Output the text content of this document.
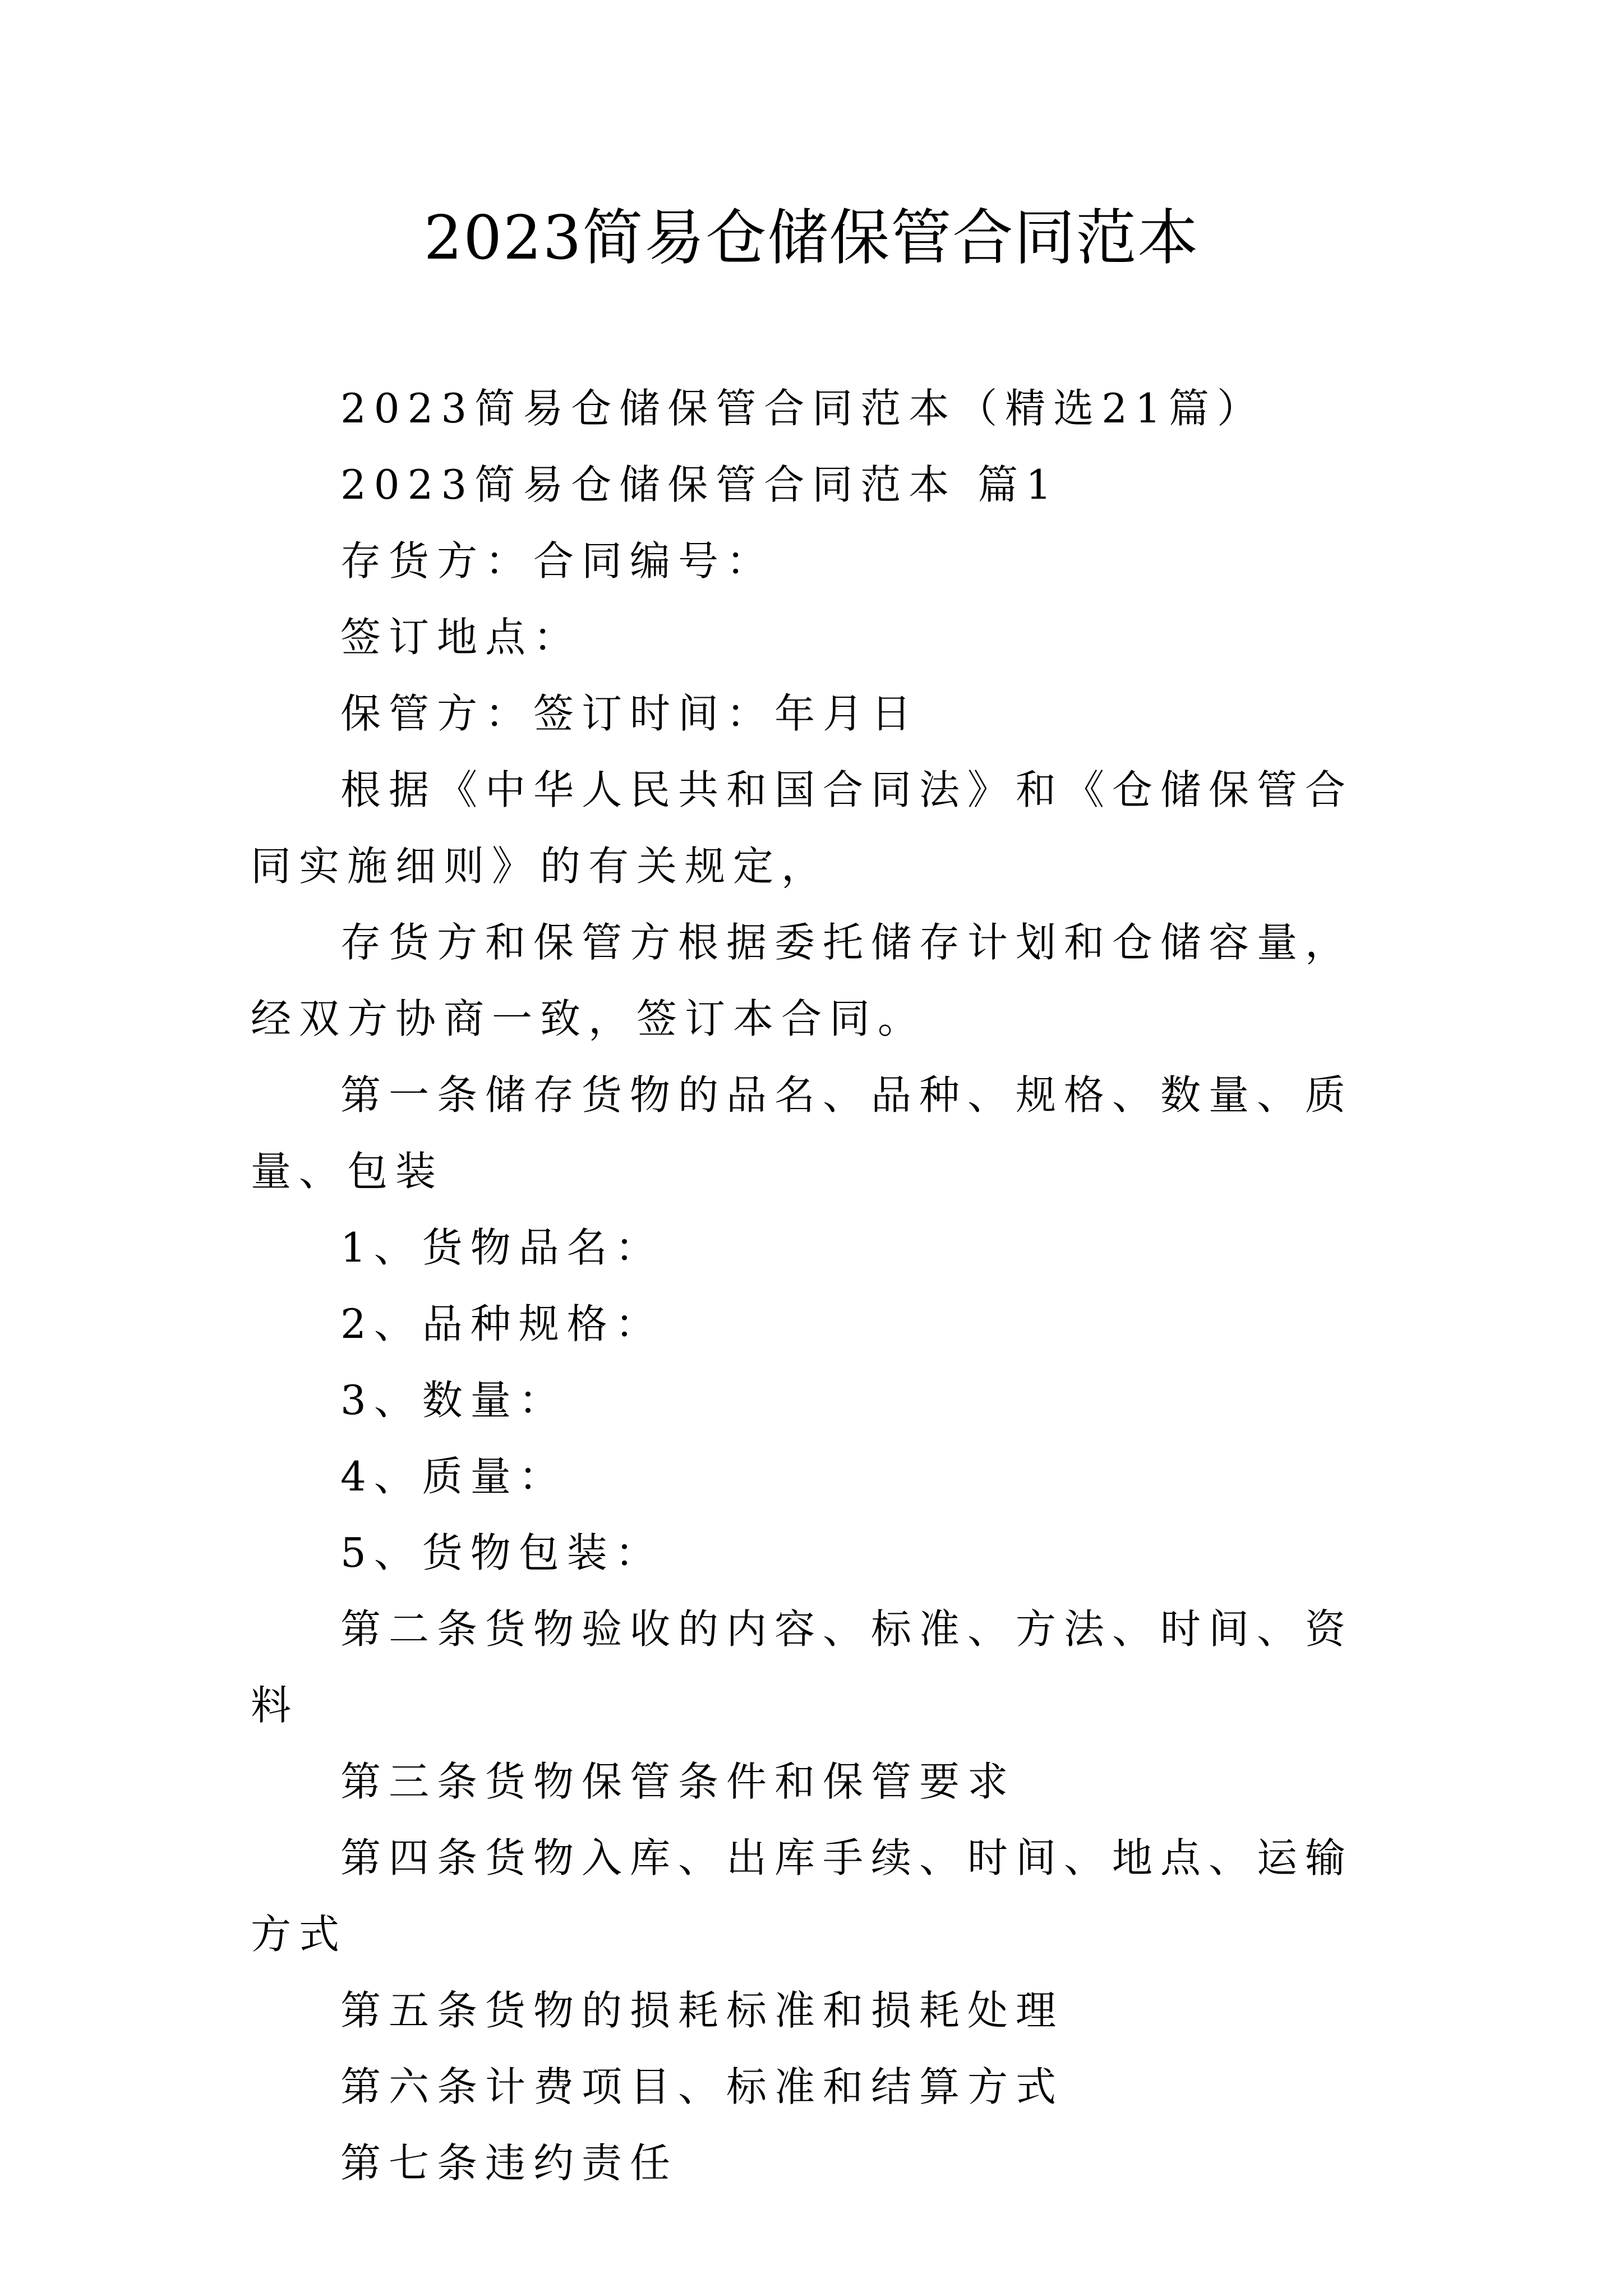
2023简易仓储保管合同范本

2023简易仓储保管合同范本（精选21篇）

2023简易仓储保管合同范本 篇1

存货方：合同编号：

签订地点：

保管方：签订时间：年月日

根据《中华人民共和国合同法》和《仓储保管合同实施细则》的有关规定，

存货方和保管方根据委托储存计划和仓储容量，经双方协商一致，签订本合同。

第一条储存货物的品名、品种、规格、数量、质量、包装

1、货物品名：

2、品种规格：

3、数量：

4、质量：

5、货物包装：

第二条货物验收的内容、标准、方法、时间、资料

第三条货物保管条件和保管要求

第四条货物入库、出库手续、时间、地点、运输方式

第五条货物的损耗标准和损耗处理

第六条计费项目、标准和结算方式

第七条违约责任
